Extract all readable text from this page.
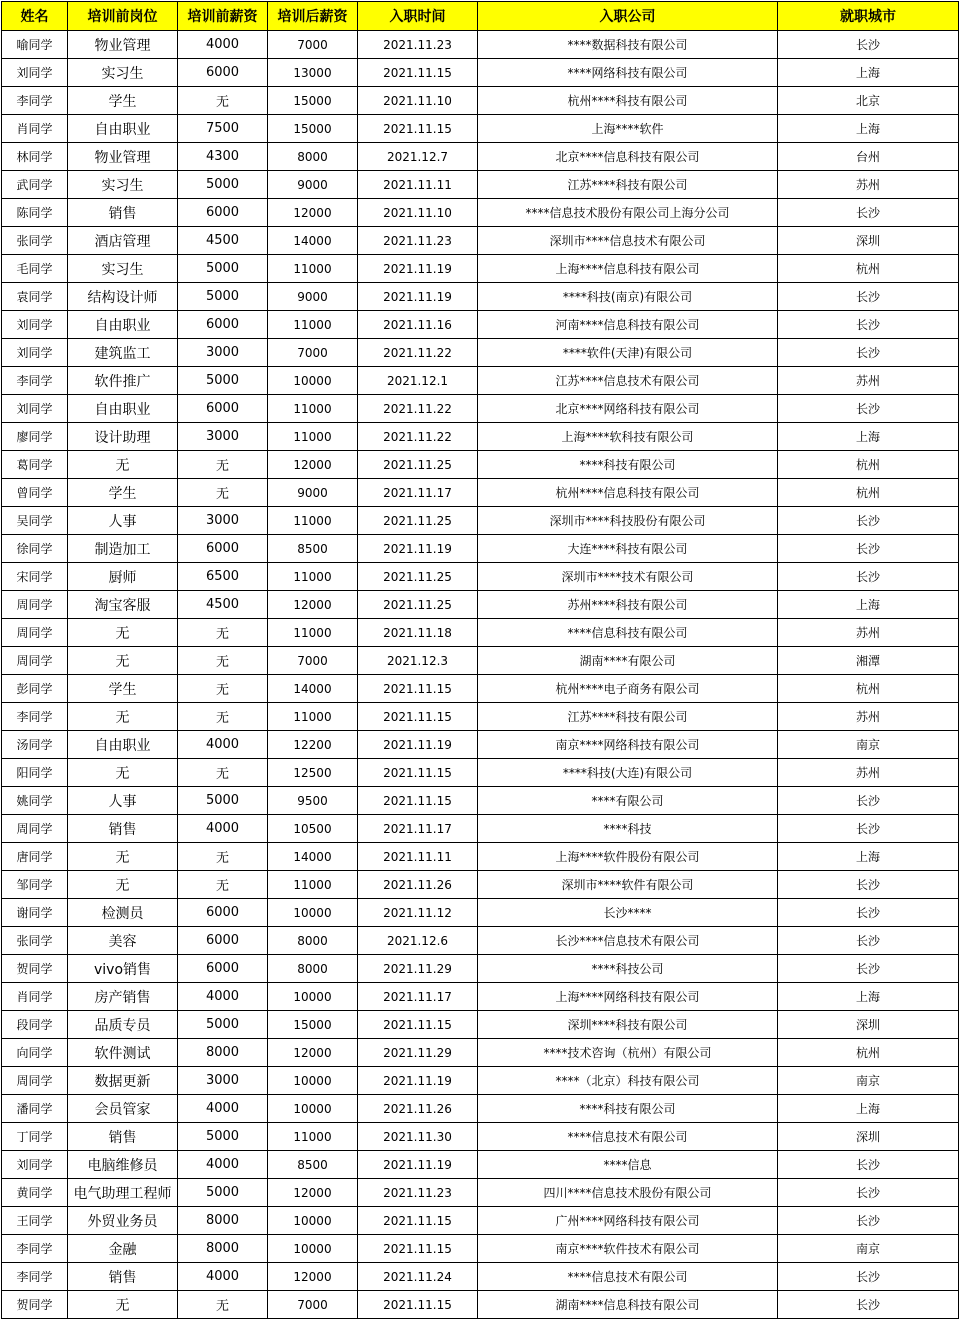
姓名	培训前岗位	培训前薪资	培训后薪资	入职时间	入职公司	就职城市
喻同学	物业管理	4000	7000	2021.11.23	****数据科技有限公司	长沙
刘同学	实习生	6000	13000	2021.11.15	****网络科技有限公司	上海
李同学	学生	无	15000	2021.11.10	杭州****科技有限公司	北京
肖同学	自由职业	7500	15000	2021.11.15	上海****软件	上海
林同学	物业管理	4300	8000	2021.12.7	北京****信息科技有限公司	台州
武同学	实习生	5000	9000	2021.11.11	江苏****科技有限公司	苏州
陈同学	销售	6000	12000	2021.11.10	****信息技术股份有限公司上海分公司	长沙
张同学	酒店管理	4500	14000	2021.11.23	深圳市****信息技术有限公司	深圳
毛同学	实习生	5000	11000	2021.11.19	上海****信息科技有限公司	杭州
袁同学	结构设计师	5000	9000	2021.11.19	****科技(南京)有限公司	长沙
刘同学	自由职业	6000	11000	2021.11.16	河南****信息科技有限公司	长沙
刘同学	建筑监工	3000	7000	2021.11.22	****软件(天津)有限公司	长沙
李同学	软件推广	5000	10000	2021.12.1	江苏****信息技术有限公司	苏州
刘同学	自由职业	6000	11000	2021.11.22	北京****网络科技有限公司	长沙
廖同学	设计助理	3000	11000	2021.11.22	上海****软科技有限公司	上海
葛同学	无	无	12000	2021.11.25	****科技有限公司	杭州
曾同学	学生	无	9000	2021.11.17	杭州****信息科技有限公司	杭州
吴同学	人事	3000	11000	2021.11.25	深圳市****科技股份有限公司	长沙
徐同学	制造加工	6000	8500	2021.11.19	大连****科技有限公司	长沙
宋同学	厨师	6500	11000	2021.11.25	深圳市****技术有限公司	长沙
周同学	淘宝客服	4500	12000	2021.11.25	苏州****科技有限公司	上海
周同学	无	无	11000	2021.11.18	****信息科技有限公司	苏州
周同学	无	无	7000	2021.12.3	湖南****有限公司	湘潭
彭同学	学生	无	14000	2021.11.15	杭州****电子商务有限公司	杭州
李同学	无	无	11000	2021.11.15	江苏****科技有限公司	苏州
汤同学	自由职业	4000	12200	2021.11.19	南京****网络科技有限公司	南京
阳同学	无	无	12500	2021.11.15	****科技(大连)有限公司	苏州
姚同学	人事	5000	9500	2021.11.15	****有限公司	长沙
周同学	销售	4000	10500	2021.11.17	****科技	长沙
唐同学	无	无	14000	2021.11.11	上海****软件股份有限公司	上海
邹同学	无	无	11000	2021.11.26	深圳市****软件有限公司	长沙
谢同学	检测员	6000	10000	2021.11.12	长沙****	长沙
张同学	美容	6000	8000	2021.12.6	长沙****信息技术有限公司	长沙
贺同学	vivo销售	6000	8000	2021.11.29	****科技公司	长沙
肖同学	房产销售	4000	10000	2021.11.17	上海****网络科技有限公司	上海
段同学	品质专员	5000	15000	2021.11.15	深圳****科技有限公司	深圳
向同学	软件测试	8000	12000	2021.11.29	****技术咨询（杭州）有限公司	杭州
周同学	数据更新	3000	10000	2021.11.19	****（北京）科技有限公司	南京
潘同学	会员管家	4000	10000	2021.11.26	****科技有限公司	上海
丁同学	销售	5000	11000	2021.11.30	****信息技术有限公司	深圳
刘同学	电脑维修员	4000	8500	2021.11.19	****信息	长沙
黄同学	电气助理工程师	5000	12000	2021.11.23	四川****信息技术股份有限公司	长沙
王同学	外贸业务员	8000	10000	2021.11.15	广州****网络科技有限公司	长沙
李同学	金融	8000	10000	2021.11.15	南京****软件技术有限公司	南京
李同学	销售	4000	12000	2021.11.24	****信息技术有限公司	长沙
贺同学	无	无	7000	2021.11.15	湖南****信息科技有限公司	长沙
